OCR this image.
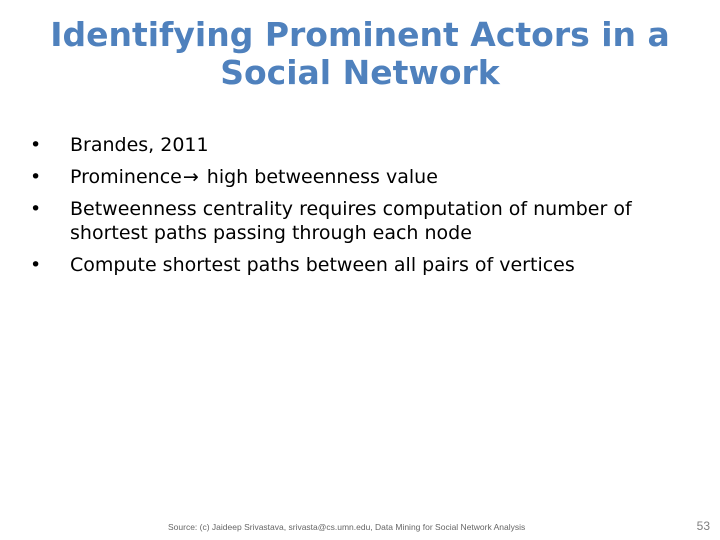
Identifying Prominent Actors in a
Social Network
• Brandes, 2011
• Prominence→ high betweenness value
• Betweenness centrality requires computation of number of shortest paths passing through each node
• Compute shortest paths between all pairs of vertices
Source: (c) Jaideep Srivastava, srivasta@cs.umn.edu, Data Mining for Social Network Analysis	53
